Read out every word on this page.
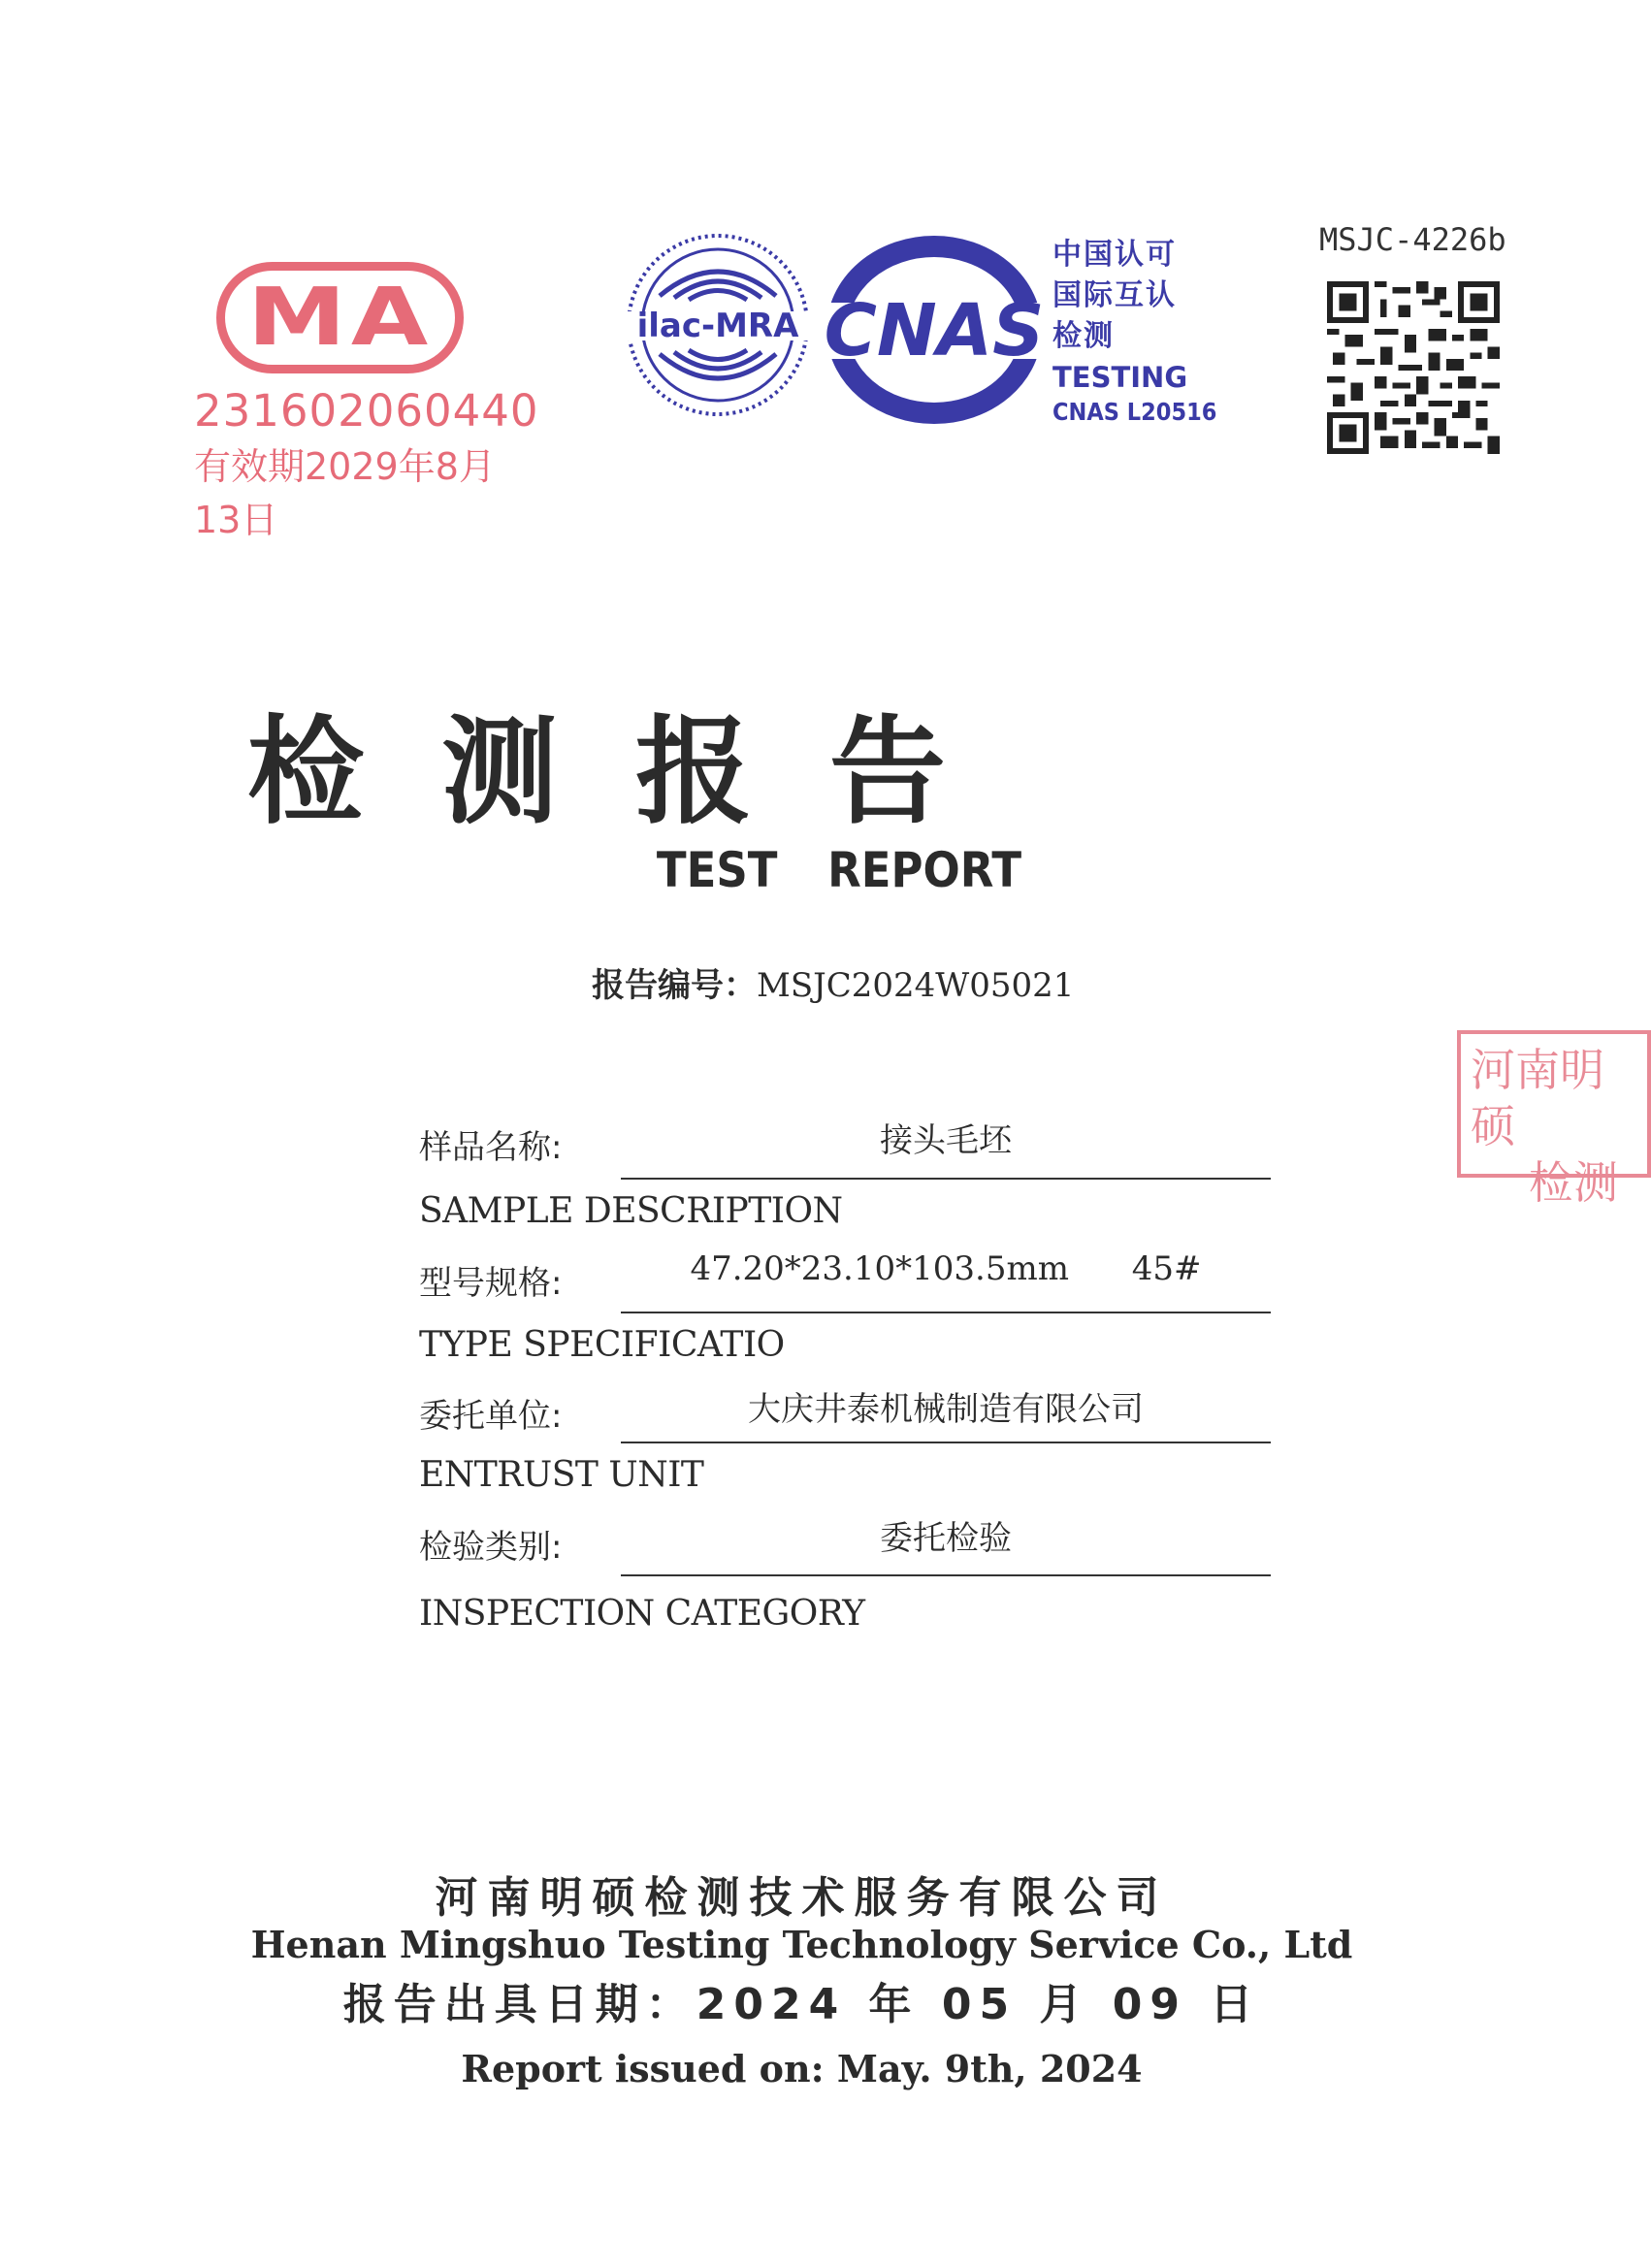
MA
231602060440
有效期2029年8月13日
ilac-MRA CNAS
中国认可
国际互认
检测
TESTING
CNAS L20516
MSJC-4226b
检测报告
TEST REPORT
报告编号：MSJC2024W05021
河南明硕
检测
样品名称:	接头毛坯
SAMPLE DESCRIPTION
型号规格:	47.20*23.10*103.5mm      45#
TYPE SPECIFICATIO
委托单位:	大庆井泰机械制造有限公司
ENTRUST UNIT
检验类别:	委托检验
INSPECTION CATEGORY
河南明硕检测技术服务有限公司
Henan Mingshuo Testing Technology Service Co., Ltd
报告出具日期：2024 年 05 月 09 日
Report issued on: May. 9th, 2024
